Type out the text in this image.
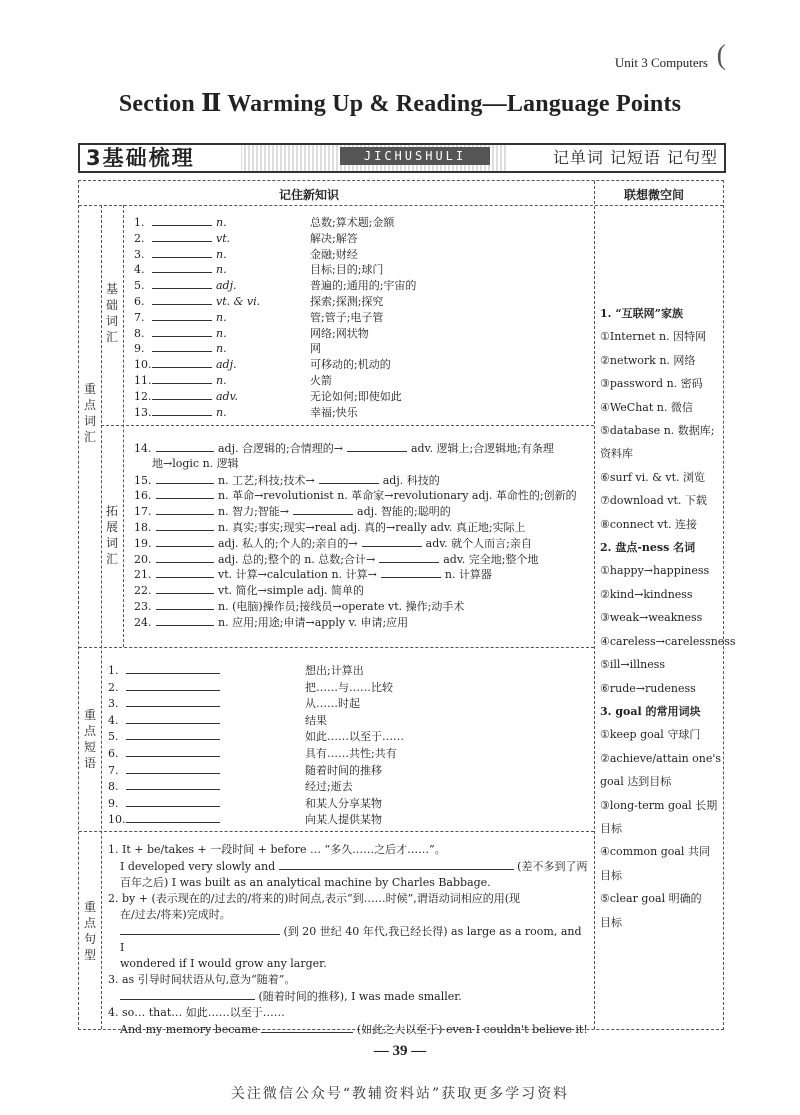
Unit 3 Computers (
Section Ⅱ Warming Up & Reading—Language Points
3基础梳理	JICHUSHULI	记单词 记短语 记句型
记住新知识	联想微空间
重点词汇
基础词汇
拓展词汇
重点短语
重点句型
1.	n.	总数;算术题;金额
2.	vt.	解决;解答
3.	n.	金融;财经
4.	n.	目标;目的;球门
5.	adj.	普遍的;通用的;宇宙的
6.	vt. & vi.	探索;探测;探究
7.	n.	管;管子;电子管
8.	n.	网络;网状物
9.	n.	网
10.	adj.	可移动的;机动的
11.	n.	火箭
12.	adv.	无论如何;即使如此
13.	n.	幸福;快乐
14.	adj. 合逻辑的;合情理的→	adv. 逻辑上;合逻辑地;有条理
地→logic n. 逻辑
15.	n. 工艺;科技;技术→	adj. 科技的
16.	n. 革命→revolutionist n. 革命家→revolutionary adj. 革命性的;创新的
17.	n. 智力;智能→	adj. 智能的;聪明的
18.	n. 真实;事实;现实→real adj. 真的→really adv. 真正地;实际上
19.	adj. 私人的;个人的;亲自的→	adv. 就个人而言;亲自
20.	adj. 总的;整个的 n. 总数;合计→	adv. 完全地;整个地
21.	vt. 计算→calculation n. 计算→	n. 计算器
22.	vt. 简化→simple adj. 简单的
23.	n. (电脑)操作员;接线员→operate vt. 操作;动手术
24.	n. 应用;用途;申请→apply v. 申请;应用
1.	想出;计算出
2.	把……与……比较
3.	从……时起
4.	结果
5.	如此……以至于……
6.	具有……共性;共有
7.	随着时间的推移
8.	经过;逝去
9.	和某人分享某物
10.	向某人提供某物
1. It + be/takes + 一段时间 + before … “多久……之后才……”。
I developed very slowly and	(差不多到了两
百年之后) I was built as an analytical machine by Charles Babbage.
2. by + (表示现在的/过去的/将来的)时间点,表示“到……时候”,谓语动词相应的用(现
在/过去/将来)完成时。
(到 20 世纪 40 年代,我已经长得) as large as a room, and I
wondered if I would grow any larger.
3. as 引导时间状语从句,意为“随着”。
(随着时间的推移), I was made smaller.
4. so… that… 如此……以至于……
And my memory became	(如此之大以至于) even I couldn't believe it!
1. “互联网”家族
①Internet n. 因特网
②network n. 网络
③password n. 密码
④WeChat n. 微信
⑤database n. 数据库;
资料库
⑥surf vi. & vt. 浏览
⑦download vt. 下载
⑧connect vt. 连接
2. 盘点-ness 名词
①happy→happiness
②kind→kindness
③weak→weakness
④careless→carelessness
⑤ill→illness
⑥rude→rudeness
3. goal 的常用词块
①keep goal 守球门
②achieve/attain one's
goal 达到目标
③long-term goal 长期
目标
④common goal 共同
目标
⑤clear goal 明确的
目标
— 39 —
关注微信公众号“教辅资料站”获取更多学习资料
